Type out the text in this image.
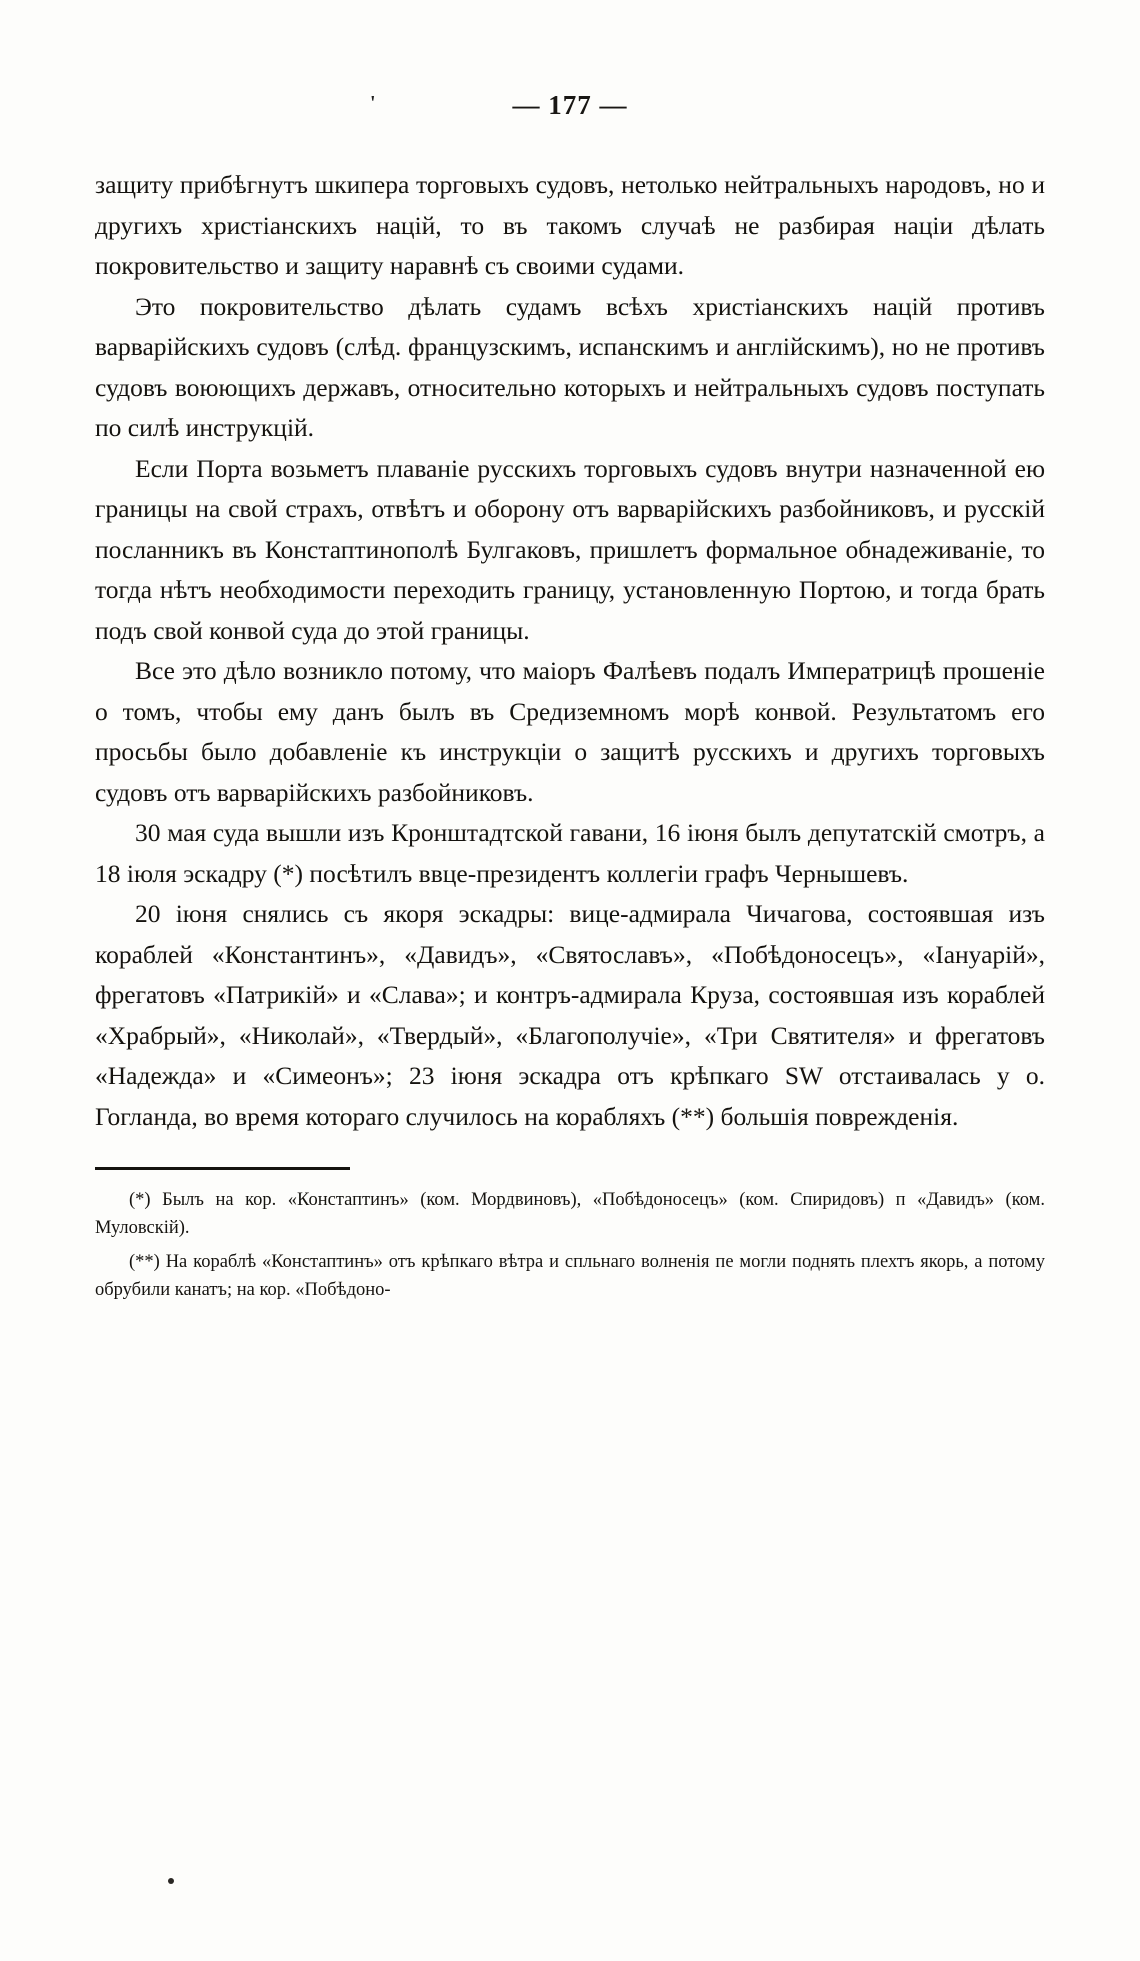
'	— 177 —

защиту прибѣгнутъ шкипера торговыхъ судовъ, нетолько нейтральныхъ народовъ, но и другихъ христіанскихъ націй, то въ такомъ случаѣ не разбирая націи дѣлать покровительство и защиту наравнѣ съ своими судами.

Это покровительство дѣлать судамъ всѣхъ христіанскихъ націй противъ варварійскихъ судовъ (слѣд. французскимъ, испанскимъ и англійскимъ), но не противъ судовъ воюющихъ державъ, относительно которыхъ и нейтральныхъ судовъ поступать по силѣ инструкцій.

Если Порта возьметъ плаваніе русскихъ торговыхъ судовъ внутри назначенной ею границы на свой страхъ, отвѣтъ и оборону отъ варварійскихъ разбойниковъ, и русскій посланникъ въ Констаптинополѣ Булгаковъ, пришлетъ формальное обнадеживаніе, то тогда нѣтъ необходимости переходить границу, установленную Портою, и тогда брать подъ свой конвой суда до этой границы.

Все это дѣло возникло потому, что маіоръ Фалѣевъ подалъ Императрицѣ прошеніе о томъ, чтобы ему данъ былъ въ Средиземномъ морѣ конвой. Результатомъ его просьбы было добавленіе къ инструкціи о защитѣ русскихъ и другихъ торговыхъ судовъ отъ варварійскихъ разбойниковъ.

30 мая суда вышли изъ Кронштадтской гавани, 16 іюня былъ депутатскій смотръ, а 18 іюля эскадру (*) посѣтилъ ввце-президентъ коллегіи графъ Чернышевъ.

20 іюня снялись съ якоря эскадры: вице-адмирала Чичагова, состоявшая изъ кораблей «Константинъ», «Давидъ», «Святославъ», «Побѣдоносецъ», «Іануарій», фрегатовъ «Патрикій» и «Слава»; и контръ-адмирала Круза, состоявшая изъ кораблей «Храбрый», «Николай», «Твердый», «Благополучіе», «Три Святителя» и фрегатовъ «Надежда» и «Симеонъ»; 23 іюня эскадра отъ крѣпкаго SW отстаивалась у о. Гогланда, во время котораго случилось на корабляхъ (**) большія поврежденія.

(*) Былъ на кор. «Констаптинъ» (ком. Мордвиновъ), «Побѣдоносецъ» (ком. Спиридовъ) п «Давидъ» (ком. Муловскій).

(**) На кораблѣ «Констаптинъ» отъ крѣпкаго вѣтра и спльнаго волненія пе могли поднять плехтъ якорь, а потому обрубили канатъ; на кор. «Побѣдоно-
